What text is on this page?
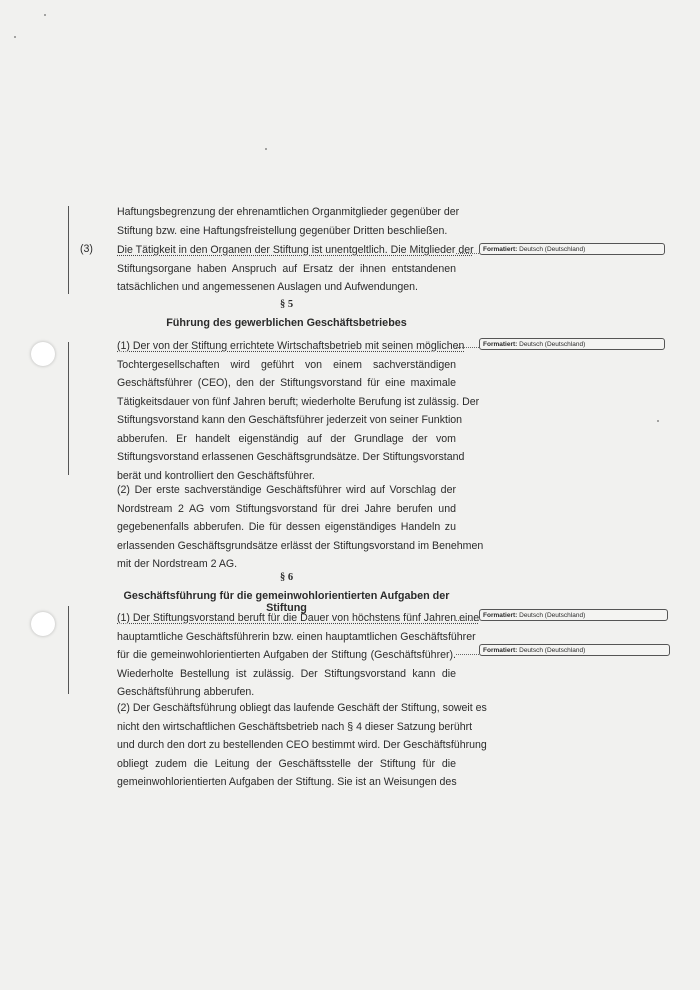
Haftungsbegrenzung der ehrenamtlichen Organmitglieder gegenüber der
Stiftung bzw. eine Haftungsfreistellung gegenüber Dritten beschließen.
(3) Die Tätigkeit in den Organen der Stiftung ist unentgeltlich. Die Mitglieder der
Stiftungsorgane haben Anspruch auf Ersatz der ihnen entstandenen
tatsächlichen und angemessenen Auslagen und Aufwendungen.
§ 5
Führung des gewerblichen Geschäftsbetriebes
(1) Der von der Stiftung errichtete Wirtschaftsbetrieb mit seinen möglichen
Tochtergesellschaften wird geführt von einem sachverständigen
Geschäftsführer (CEO), den der Stiftungsvorstand für eine maximale
Tätigkeitsdauer von fünf Jahren beruft; wiederholte Berufung ist zulässig. Der
Stiftungsvorstand kann den Geschäftsführer jederzeit von seiner Funktion
abberufen. Er handelt eigenständig auf der Grundlage der vom
Stiftungsvorstand erlassenen Geschäftsgrundsätze. Der Stiftungsvorstand
berät und kontrolliert den Geschäftsführer.
(2) Der erste sachverständige Geschäftsführer wird auf Vorschlag der
Nordstream 2 AG vom Stiftungsvorstand für drei Jahre berufen und
gegebenenfalls abberufen. Die für dessen eigenständiges Handeln zu
erlassenden Geschäftsgrundsätze erlässt der Stiftungsvorstand im Benehmen
mit der Nordstream 2 AG.
§ 6
Geschäftsführung für die gemeinwohlorientierten Aufgaben der Stiftung
(1) Der Stiftungsvorstand beruft für die Dauer von höchstens fünf Jahren eine
hauptamtliche Geschäftsführerin bzw. einen hauptamtlichen Geschäftsführer
für die gemeinwohlorientierten Aufgaben der Stiftung (Geschäftsführer).
Wiederholte Bestellung ist zulässig. Der Stiftungsvorstand kann die
Geschäftsführung abberufen.
(2) Der Geschäftsführung obliegt das laufende Geschäft der Stiftung, soweit es
nicht den wirtschaftlichen Geschäftsbetrieb nach § 4 dieser Satzung berührt
und durch den dort zu bestellenden CEO bestimmt wird. Der Geschäftsführung
obliegt zudem die Leitung der Geschäftsstelle der Stiftung für die
gemeinwohlorientierten Aufgaben der Stiftung. Sie ist an Weisungen des
Formatiert: Deutsch (Deutschland)
Formatiert: Deutsch (Deutschland)
Formatiert: Deutsch (Deutschland)
Formatiert: Deutsch (Deutschland)
